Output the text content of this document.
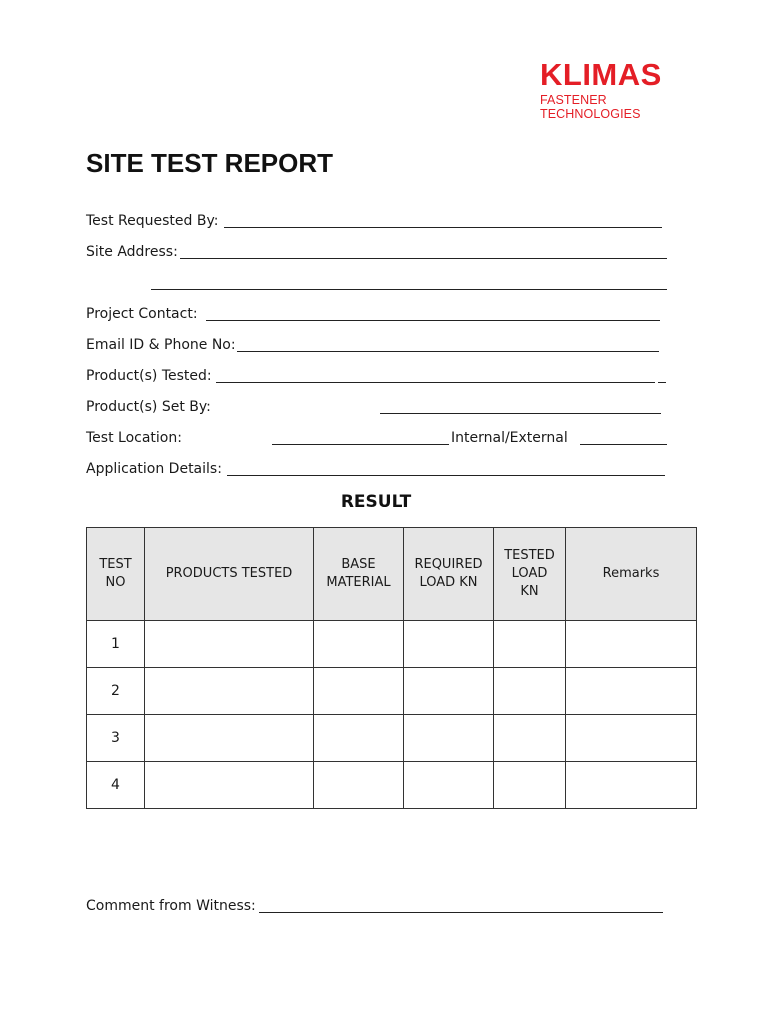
KLIMAS
FASTENER TECHNOLOGIES
SITE TEST REPORT
Test Requested By:
Site Address:
Project Contact:
Email ID & Phone No:
Product(s) Tested:
Product(s) Set By:
Test Location:	Internal/External
Application Details:
RESULT
TEST NO	PRODUCTS TESTED	BASE MATERIAL	REQUIRED LOAD KN	TESTED LOAD KN	Remarks
1					
2					
3					
4					
Comment from Witness:
